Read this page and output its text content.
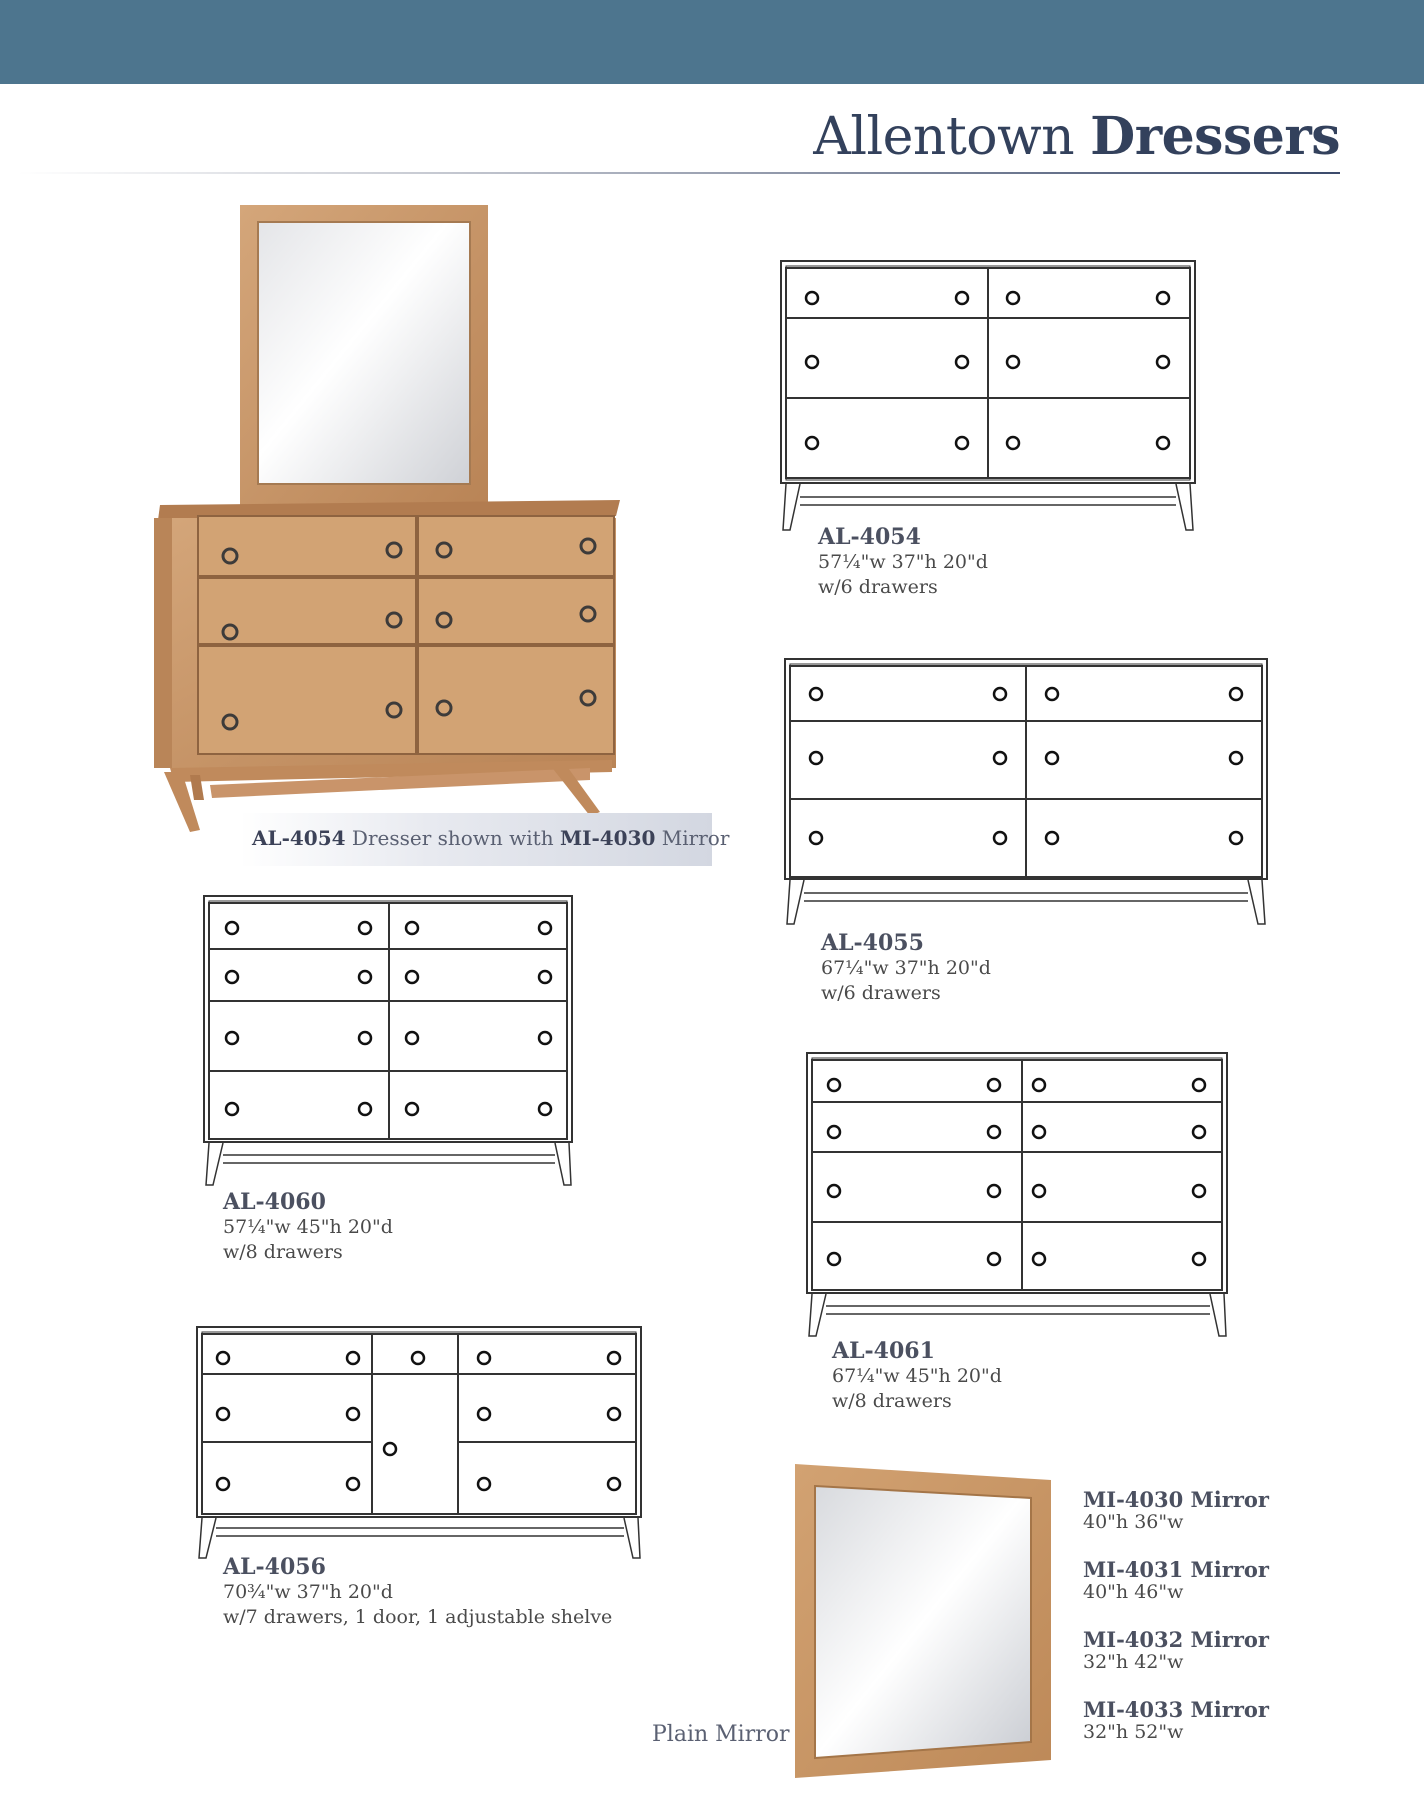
Allentown Dressers
AL-4054 Dresser shown with MI-4030 Mirror
AL-4054
57¼"w 37"h 20"d
w/6 drawers
AL-4055
67¼"w 37"h 20"d
w/6 drawers
AL-4060
57¼"w 45"h 20"d
w/8 drawers
AL-4061
67¼"w 45"h 20"d
w/8 drawers
AL-4056
70¾"w 37"h 20"d
w/7 drawers, 1 door, 1 adjustable shelve
Plain Mirror
MI-4030 Mirror
40"h 36"w
MI-4031 Mirror
40"h 46"w
MI-4032 Mirror
32"h 42"w
MI-4033 Mirror
32"h 52"w
